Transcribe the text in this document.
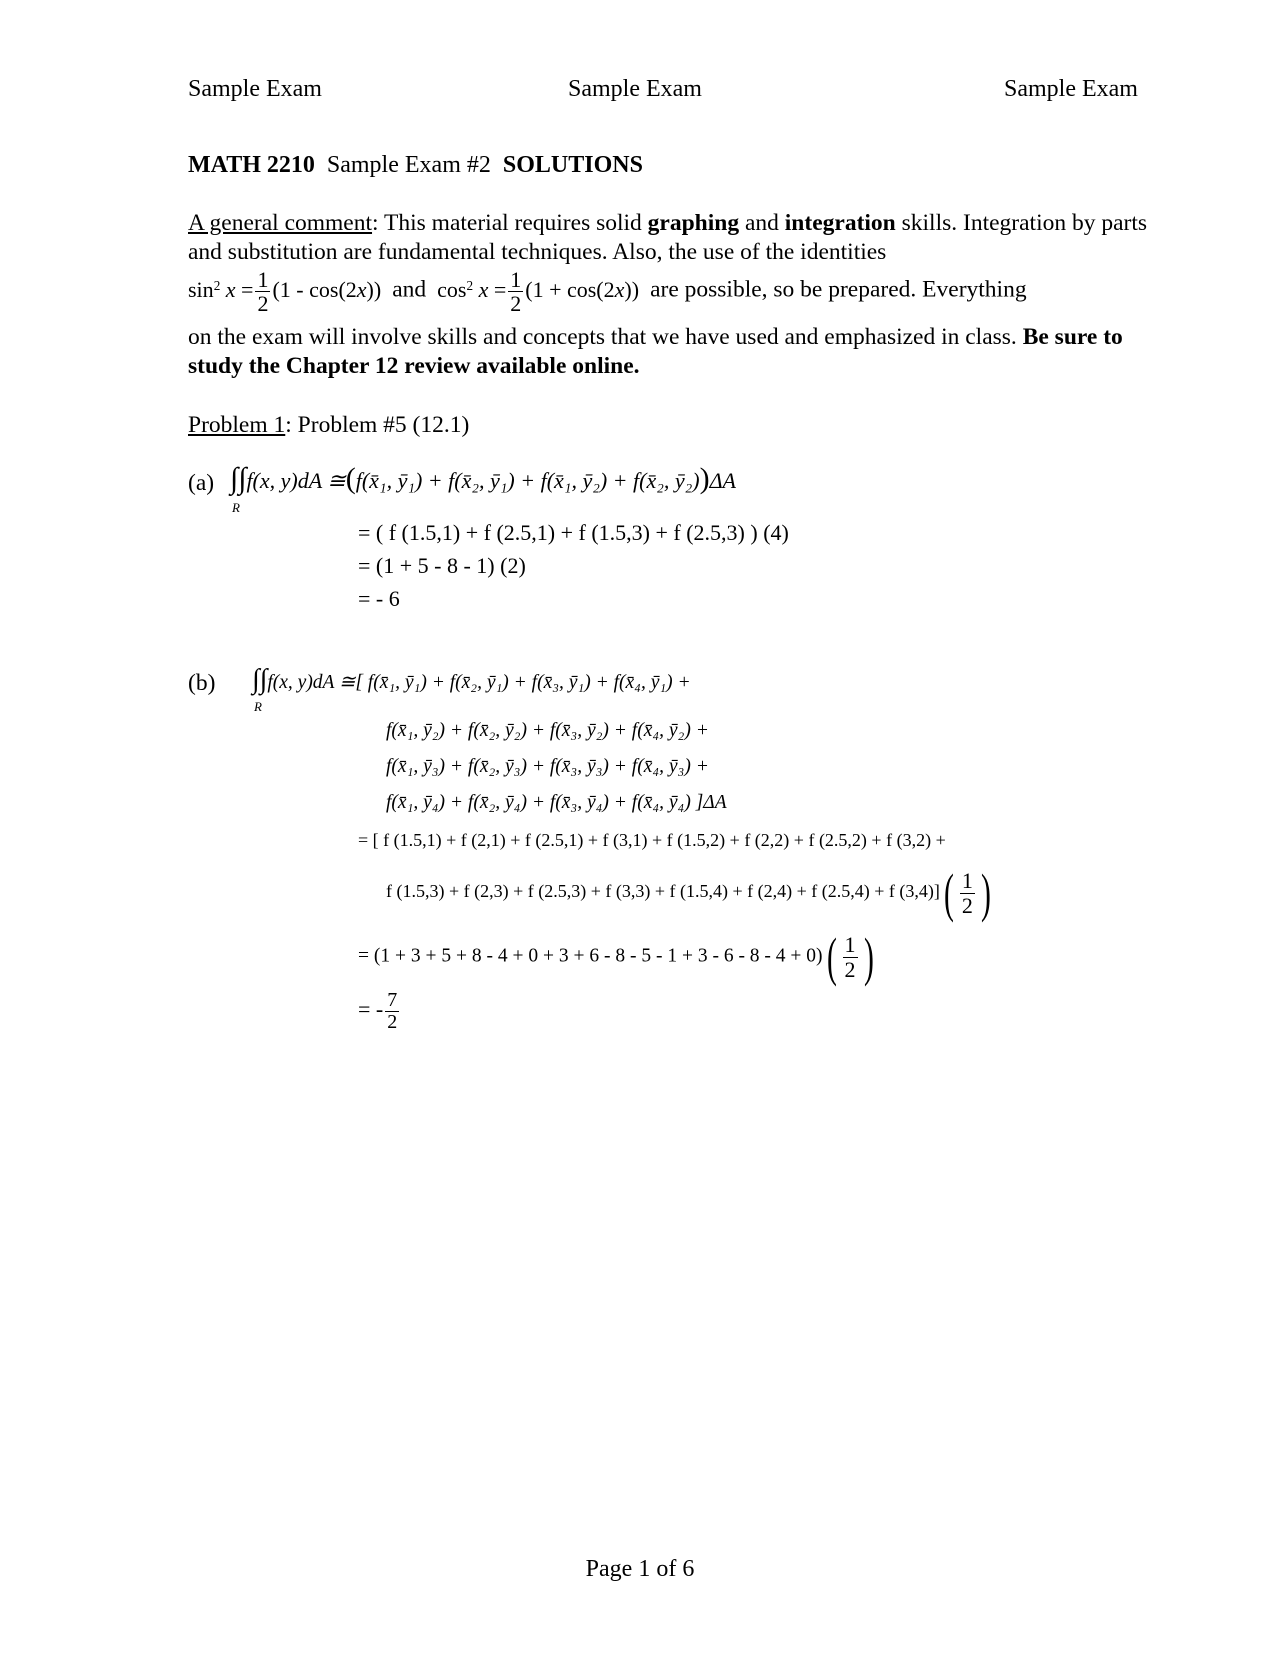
Sample Exam	Sample Exam	Sample Exam
MATH 2210 Sample Exam #2 SOLUTIONS
A general comment: This material requires solid graphing and integration skills. Integration by parts and substitution are fundamental techniques. Also, the use of the identities
$\sin^2 x = \frac{1}{2} (1 - \cos(2x))$ and $\cos^2 x = \frac{1}{2} (1 + \cos(2x))$ are possible, so be prepared. Everything
on the exam will involve skills and concepts that we have used and emphasized in class. Be sure to study the Chapter 12 review available online.
Problem 1: Problem #5 (12.1)
(a) ∫∫f(x, y)dA ≅(f(x̄₁, ȳ₁) + f(x̄₂, ȳ₁) + f(x̄₁, ȳ₂) + f(x̄₂, ȳ₂))ΔA
R
= ( f (1.5,1) + f (2.5,1) + f (1.5,3) + f (2.5,3) ) (4)
= (1 + 5 - 8 - 1) (2)
= - 6
(b) ∫∫f(x, y)dA ≅[ f(x̄₁, ȳ₁) + f(x̄₂, ȳ₁) + f(x̄₃, ȳ₁) + f(x̄₄, ȳ₁) +
R
f(x̄₁, ȳ₂) + f(x̄₂, ȳ₂) + f(x̄₃, ȳ₂) + f(x̄₄, ȳ₂) +
f(x̄₁, ȳ₃) + f(x̄₂, ȳ₃) + f(x̄₃, ȳ₃) + f(x̄₄, ȳ₃) +
f(x̄₁, ȳ₄) + f(x̄₂, ȳ₄) + f(x̄₃, ȳ₄) + f(x̄₄, ȳ₄) ]ΔA
= [ f (1.5,1) + f (2,1) + f (2.5,1) + f (3,1) + f (1.5,2) + f (2,2) + f (2.5,2) + f (3,2) +
f (1.5,3) + f (2,3) + f (2.5,3) + f (3,3) + f (1.5,4) + f (2,4) + f (2.5,4) + f $(3,4)]( \frac{1}{2}$ )
= $(1 + 3 + 5 + 8 - 4 + 0 + 3 + 6 - 8 - 5 - 1 + 3 - 6 - 8 - 4 + 0)( \frac{1}{2}$ )
= - $\frac{7}{2}$
Page 1 of 6
